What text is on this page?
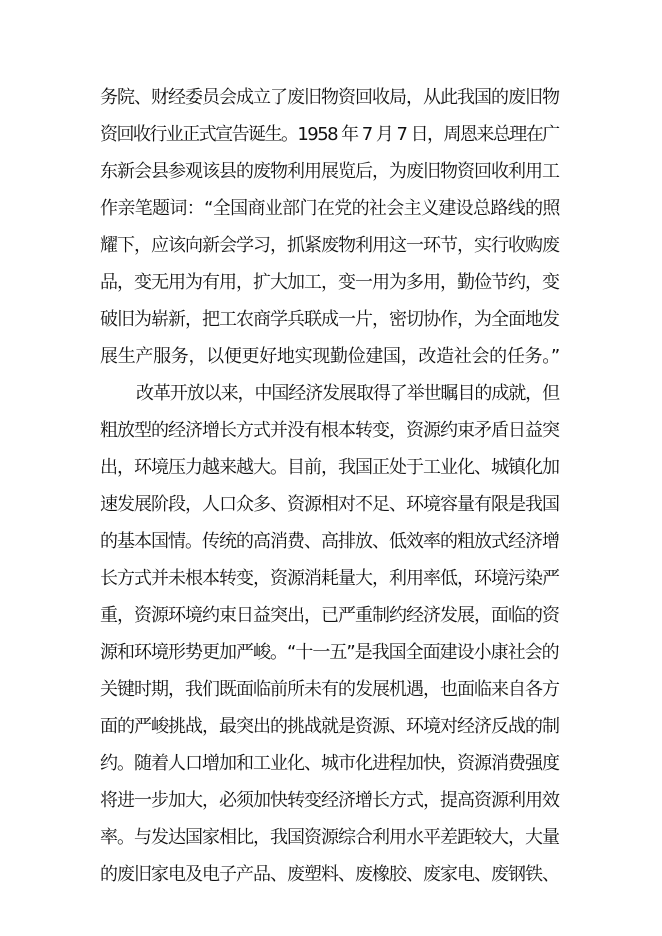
务院、财经委员会成立了废旧物资回收局，从此我国的废旧物
资回收行业正式宣告诞生。1958 年 7 月 7 日，周恩来总理在广
东新会县参观该县的废物利用展览后，为废旧物资回收利用工
作亲笔题词：“全国商业部门在党的社会主义建设总路线的照
耀下，应该向新会学习，抓紧废物利用这一环节，实行收购废
品，变无用为有用，扩大加工，变一用为多用，勤俭节约，变
破旧为崭新，把工农商学兵联成一片，密切协作，为全面地发
展生产服务，以便更好地实现勤俭建国，改造社会的任务。”
改革开放以来，中国经济发展取得了举世瞩目的成就，但
粗放型的经济增长方式并没有根本转变，资源约束矛盾日益突
出，环境压力越来越大。目前，我国正处于工业化、城镇化加
速发展阶段，人口众多、资源相对不足、环境容量有限是我国
的基本国情。传统的高消费、高排放、低效率的粗放式经济增
长方式并未根本转变，资源消耗量大，利用率低，环境污染严
重，资源环境约束日益突出，已严重制约经济发展，面临的资
源和环境形势更加严峻。“十一五”是我国全面建设小康社会的
关键时期，我们既面临前所未有的发展机遇，也面临来自各方
面的严峻挑战，最突出的挑战就是资源、环境对经济反战的制
约。随着人口增加和工业化、城市化进程加快，资源消费强度
将进一步加大，必须加快转变经济增长方式，提高资源利用效
率。与发达国家相比，我国资源综合利用水平差距较大，大量
的废旧家电及电子产品、废塑料、废橡胶、废家电、废钢铁、
